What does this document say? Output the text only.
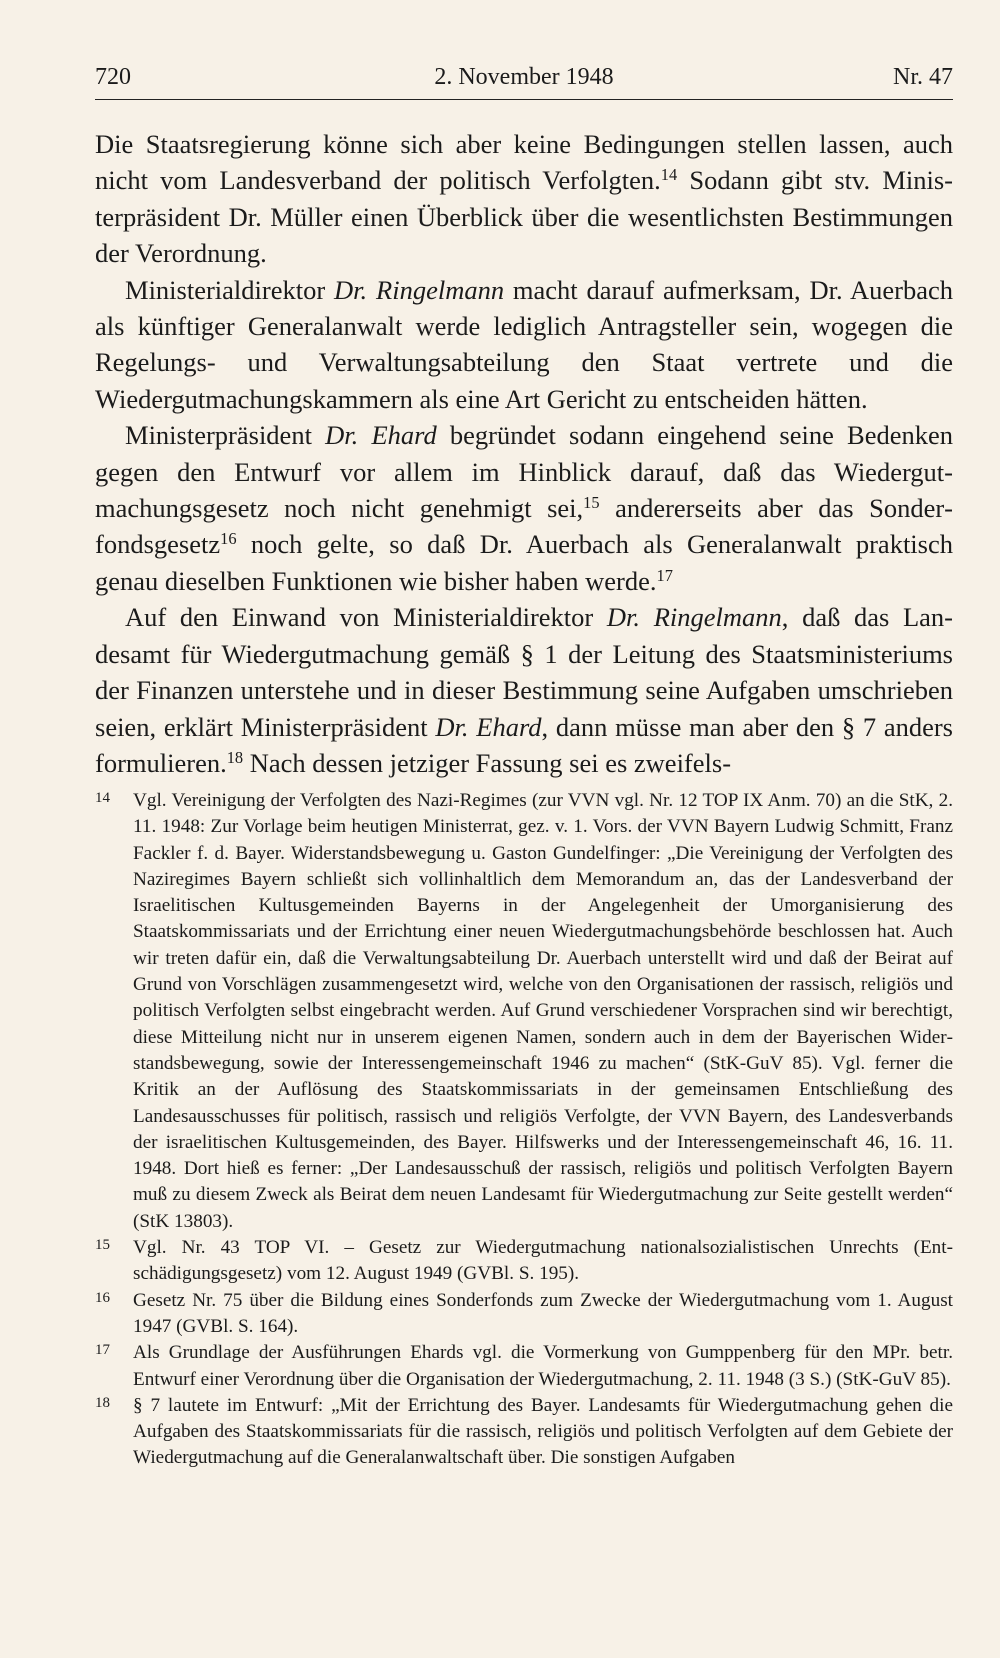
720	2. November 1948	Nr. 47

Die Staatsregierung könne sich aber keine Bedingungen stellen lassen, auch nicht vom Landesverband der politisch Verfolgten.$^{14}$ Sodann gibt stv. Ministerpräsident Dr. Müller einen Überblick über die wesentlichsten Bestimmungen der Verordnung.

Ministerialdirektor Dr. Ringelmann macht darauf aufmerksam, Dr. Auerbach als künftiger Generalanwalt werde lediglich Antragsteller sein, wogegen die Regelungs- und Verwaltungsabteilung den Staat vertrete und die Wiedergutmachungskammern als eine Art Gericht zu entscheiden hätten.

Ministerpräsident Dr. Ehard begründet sodann eingehend seine Bedenken gegen den Entwurf vor allem im Hinblick darauf, daß das Wiedergutmachungsgesetz noch nicht genehmigt sei,$^{15}$ andererseits aber das Sonderfondsgesetz$^{16}$ noch gelte, so daß Dr. Auerbach als Generalanwalt praktisch genau dieselben Funktionen wie bisher haben werde.$^{17}$

Auf den Einwand von Ministerialdirektor Dr. Ringelmann, daß das Landesamt für Wiedergutmachung gemäß § 1 der Leitung des Staatsministeriums der Finanzen unterstehe und in dieser Bestimmung seine Aufgaben umschrieben seien, erklärt Ministerpräsident Dr. Ehard, dann müsse man aber den § 7 anders formulieren.$^{18}$ Nach dessen jetziger Fassung sei es zweifels-

14 Vgl. Vereinigung der Verfolgten des Nazi-Regimes (zur VVN vgl. Nr. 12 TOP IX Anm. 70) an die StK, 2. 11. 1948: Zur Vorlage beim heutigen Ministerrat, gez. v. 1. Vors. der VVN Bayern Ludwig Schmitt, Franz Fackler f. d. Bayer. Widerstandsbewegung u. Gaston Gundelfinger: „Die Vereinigung der Verfolgten des Naziregimes Bayern schließt sich vollinhaltlich dem Memorandum an, das der Landesverband der Israelitischen Kultusgemeinden Bayerns in der Angelegenheit der Umorganisierung des Staatskommissariats und der Errichtung einer neuen Wiedergutmachungsbehörde beschlossen hat. Auch wir treten dafür ein, daß die Verwaltungsabteilung Dr. Auerbach unterstellt wird und daß der Beirat auf Grund von Vorschlägen zusammengesetzt wird, welche von den Organisationen der rassisch, religiös und politisch Verfolgten selbst eingebracht werden. Auf Grund verschiedener Vorsprachen sind wir berechtigt, diese Mitteilung nicht nur in unserem eigenen Namen, sondern auch in dem der Bayerischen Widerstandsbewegung, sowie der Interessengemeinschaft 1946 zu machen“ (StK-GuV 85). Vgl. ferner die Kritik an der Auflösung des Staatskommissariats in der gemeinsamen Entschließung des Landesausschusses für politisch, rassisch und religiös Verfolgte, der VVN Bayern, des Landesverbands der israelitischen Kultusgemeinden, des Bayer. Hilfswerks und der Interessengemeinschaft 46, 16. 11. 1948. Dort hieß es ferner: „Der Landesausschuß der rassisch, religiös und politisch Verfolgten Bayern muß zu diesem Zweck als Beirat dem neuen Landesamt für Wiedergutmachung zur Seite gestellt werden“ (StK 13803).

15 Vgl. Nr. 43 TOP VI. – Gesetz zur Wiedergutmachung nationalsozialistischen Unrechts (Entschädigungsgesetz) vom 12. August 1949 (GVBl. S. 195).

16 Gesetz Nr. 75 über die Bildung eines Sonderfonds zum Zwecke der Wiedergutmachung vom 1. August 1947 (GVBl. S. 164).

17 Als Grundlage der Ausführungen Ehards vgl. die Vormerkung von Gumppenberg für den MPr. betr. Entwurf einer Verordnung über die Organisation der Wiedergutmachung, 2. 11. 1948 (3 S.) (StK-GuV 85).

18 § 7 lautete im Entwurf: „Mit der Errichtung des Bayer. Landesamts für Wiedergutmachung gehen die Aufgaben des Staatskommissariats für die rassisch, religiös und politisch Verfolgten auf dem Gebiete der Wiedergutmachung auf die Generalanwaltschaft über. Die sonstigen Aufgaben
